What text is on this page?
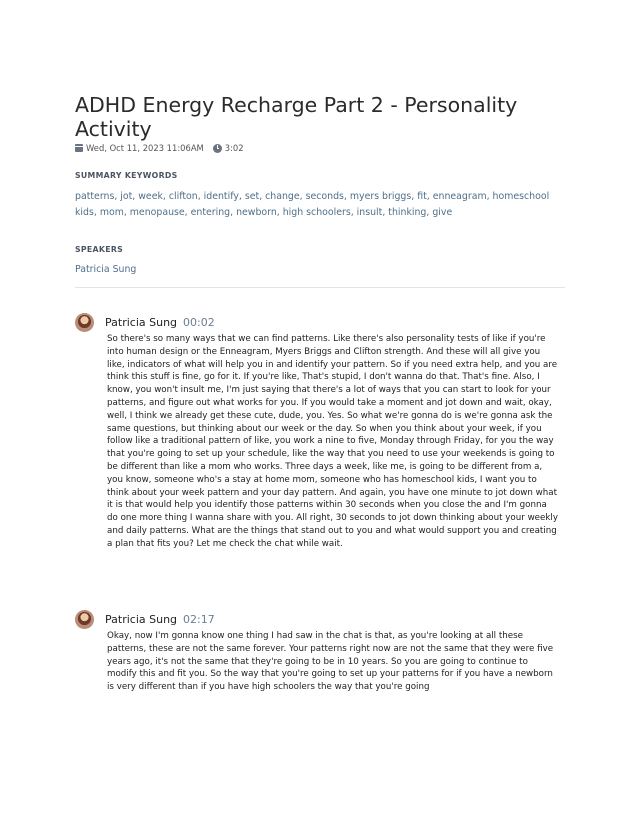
ADHD Energy Recharge Part 2 - Personality Activity
Wed, Oct 11, 2023 11:06AM	3:02
SUMMARY KEYWORDS
patterns, jot, week, clifton, identify, set, change, seconds, myers briggs, fit, enneagram, homeschool kids, mom, menopause, entering, newborn, high schoolers, insult, thinking, give
SPEAKERS
Patricia Sung
Patricia Sung 00:02

So there's so many ways that we can find patterns. Like there's also personality tests of like if you're into human design or the Enneagram, Myers Briggs and Clifton strength. And these will all give you like, indicators of what will help you in and identify your pattern. So if you need extra help, and you are think this stuff is fine, go for it. If you're like, That's stupid, I don't wanna do that. That's fine. Also, I know, you won't insult me, I'm just saying that there's a lot of ways that you can start to look for your patterns, and figure out what works for you. If you would take a moment and jot down and wait, okay, well, I think we already get these cute, dude, you. Yes. So what we're gonna do is we're gonna ask the same questions, but thinking about our week or the day. So when you think about your week, if you follow like a traditional pattern of like, you work a nine to five, Monday through Friday, for you the way that you're going to set up your schedule, like the way that you need to use your weekends is going to be different than like a mom who works. Three days a week, like me, is going to be different from a, you know, someone who's a stay at home mom, someone who has homeschool kids, I want you to think about your week pattern and your day pattern. And again, you have one minute to jot down what it is that would help you identify those patterns within 30 seconds when you close the and I'm gonna do one more thing I wanna share with you. All right, 30 seconds to jot down thinking about your weekly and daily patterns. What are the things that stand out to you and what would support you and creating a plan that fits you? Let me check the chat while wait.

Patricia Sung 02:17

Okay, now I'm gonna know one thing I had saw in the chat is that, as you're looking at all these patterns, these are not the same forever. Your patterns right now are not the same that they were five years ago, it's not the same that they're going to be in 10 years. So you are going to continue to modify this and fit you. So the way that you're going to set up your patterns for if you have a newborn is very different than if you have high schoolers the way that you're going
